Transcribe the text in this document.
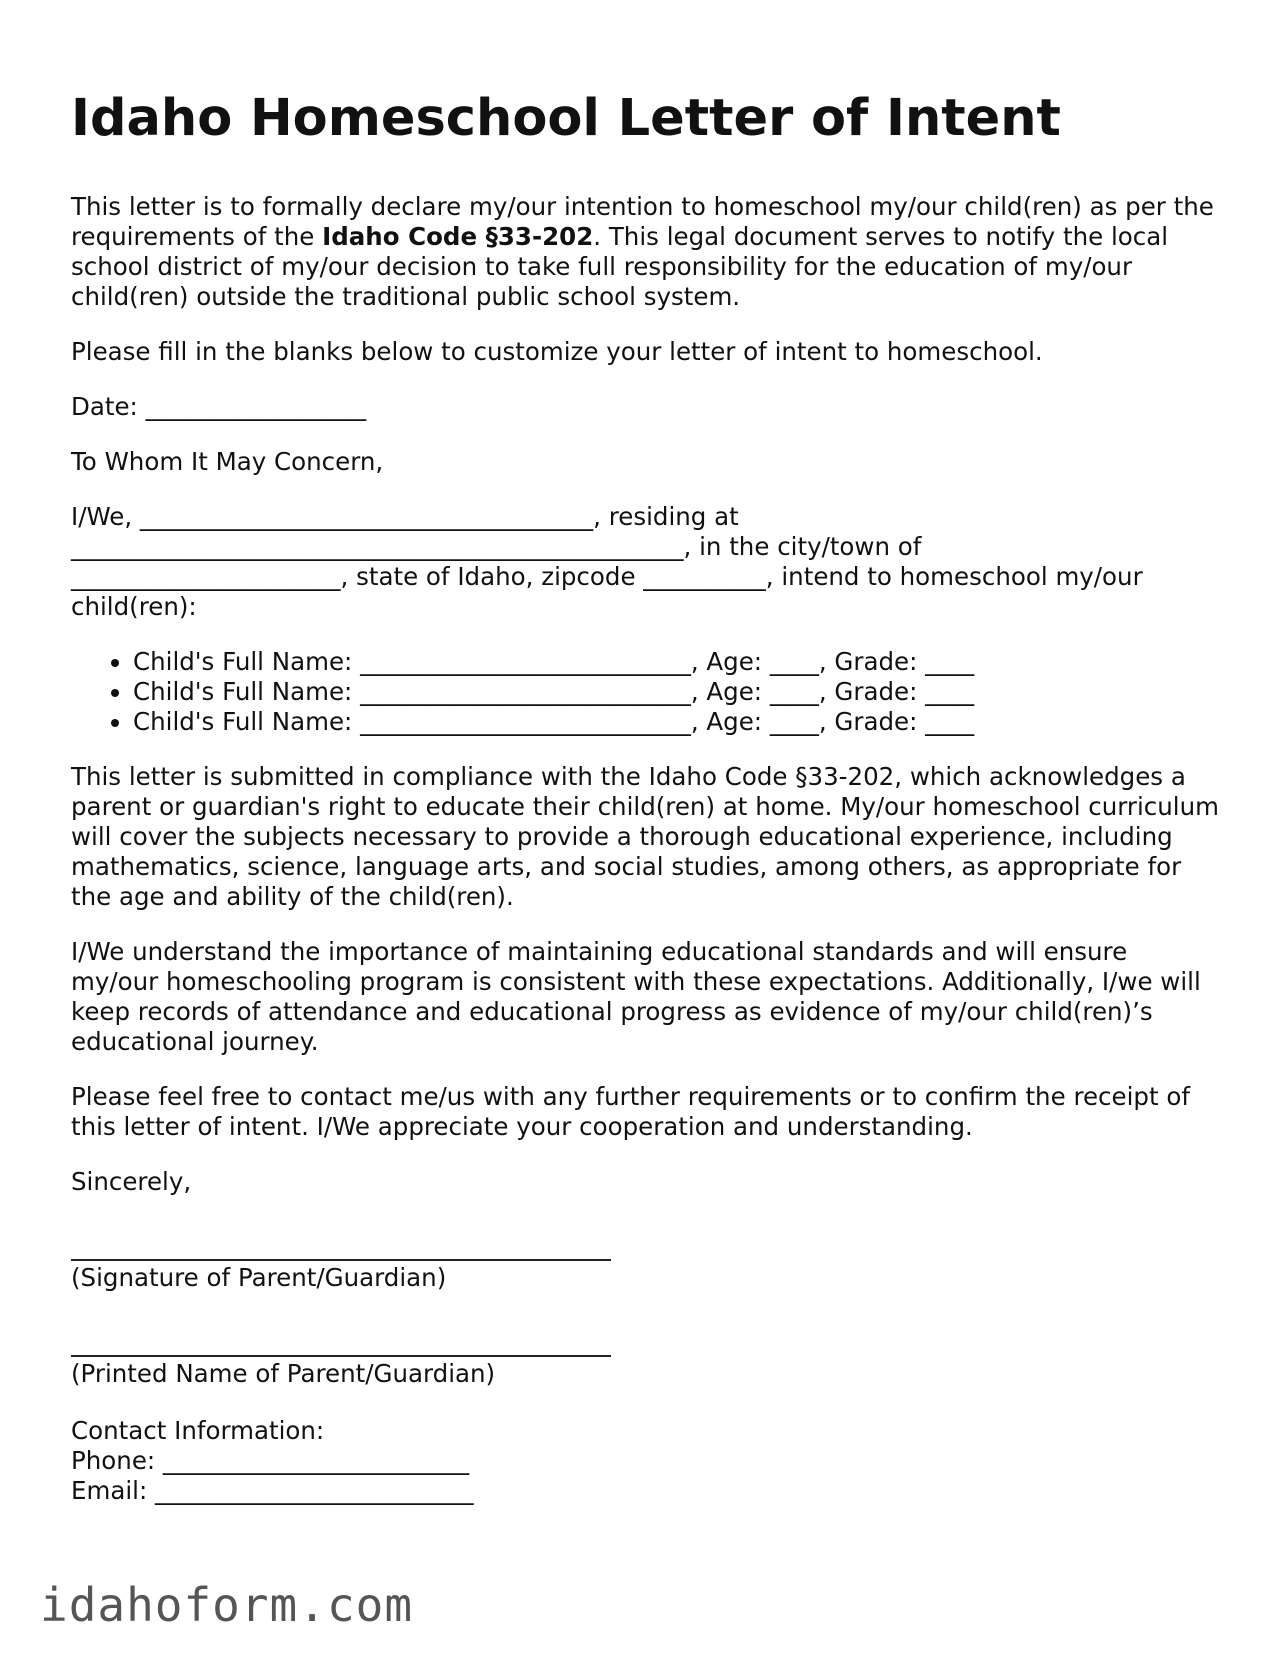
Idaho Homeschool Letter of Intent

This letter is to formally declare my/our intention to homeschool my/our child(ren) as per the requirements of the Idaho Code §33-202. This legal document serves to notify the local school district of my/our decision to take full responsibility for the education of my/our child(ren) outside the traditional public school system.

Please fill in the blanks below to customize your letter of intent to homeschool.

Date: __________________

To Whom It May Concern,

I/We, _____________________________________, residing at
__________________________________________________, in the city/town of
______________________, state of Idaho, zipcode __________, intend to homeschool my/our child(ren):

• Child's Full Name: ___________________________, Age: ____, Grade: ____
• Child's Full Name: ___________________________, Age: ____, Grade: ____
• Child's Full Name: ___________________________, Age: ____, Grade: ____

This letter is submitted in compliance with the Idaho Code §33-202, which acknowledges a parent or guardian's right to educate their child(ren) at home. My/our homeschool curriculum will cover the subjects necessary to provide a thorough educational experience, including mathematics, science, language arts, and social studies, among others, as appropriate for the age and ability of the child(ren).

I/We understand the importance of maintaining educational standards and will ensure my/our homeschooling program is consistent with these expectations. Additionally, I/we will keep records of attendance and educational progress as evidence of my/our child(ren)’s educational journey.

Please feel free to contact me/us with any further requirements or to confirm the receipt of this letter of intent. I/We appreciate your cooperation and understanding.

Sincerely,

(Signature of Parent/Guardian)
(Printed Name of Parent/Guardian)
Contact Information:
Phone: _________________________
Email: __________________________
idahoform.com
